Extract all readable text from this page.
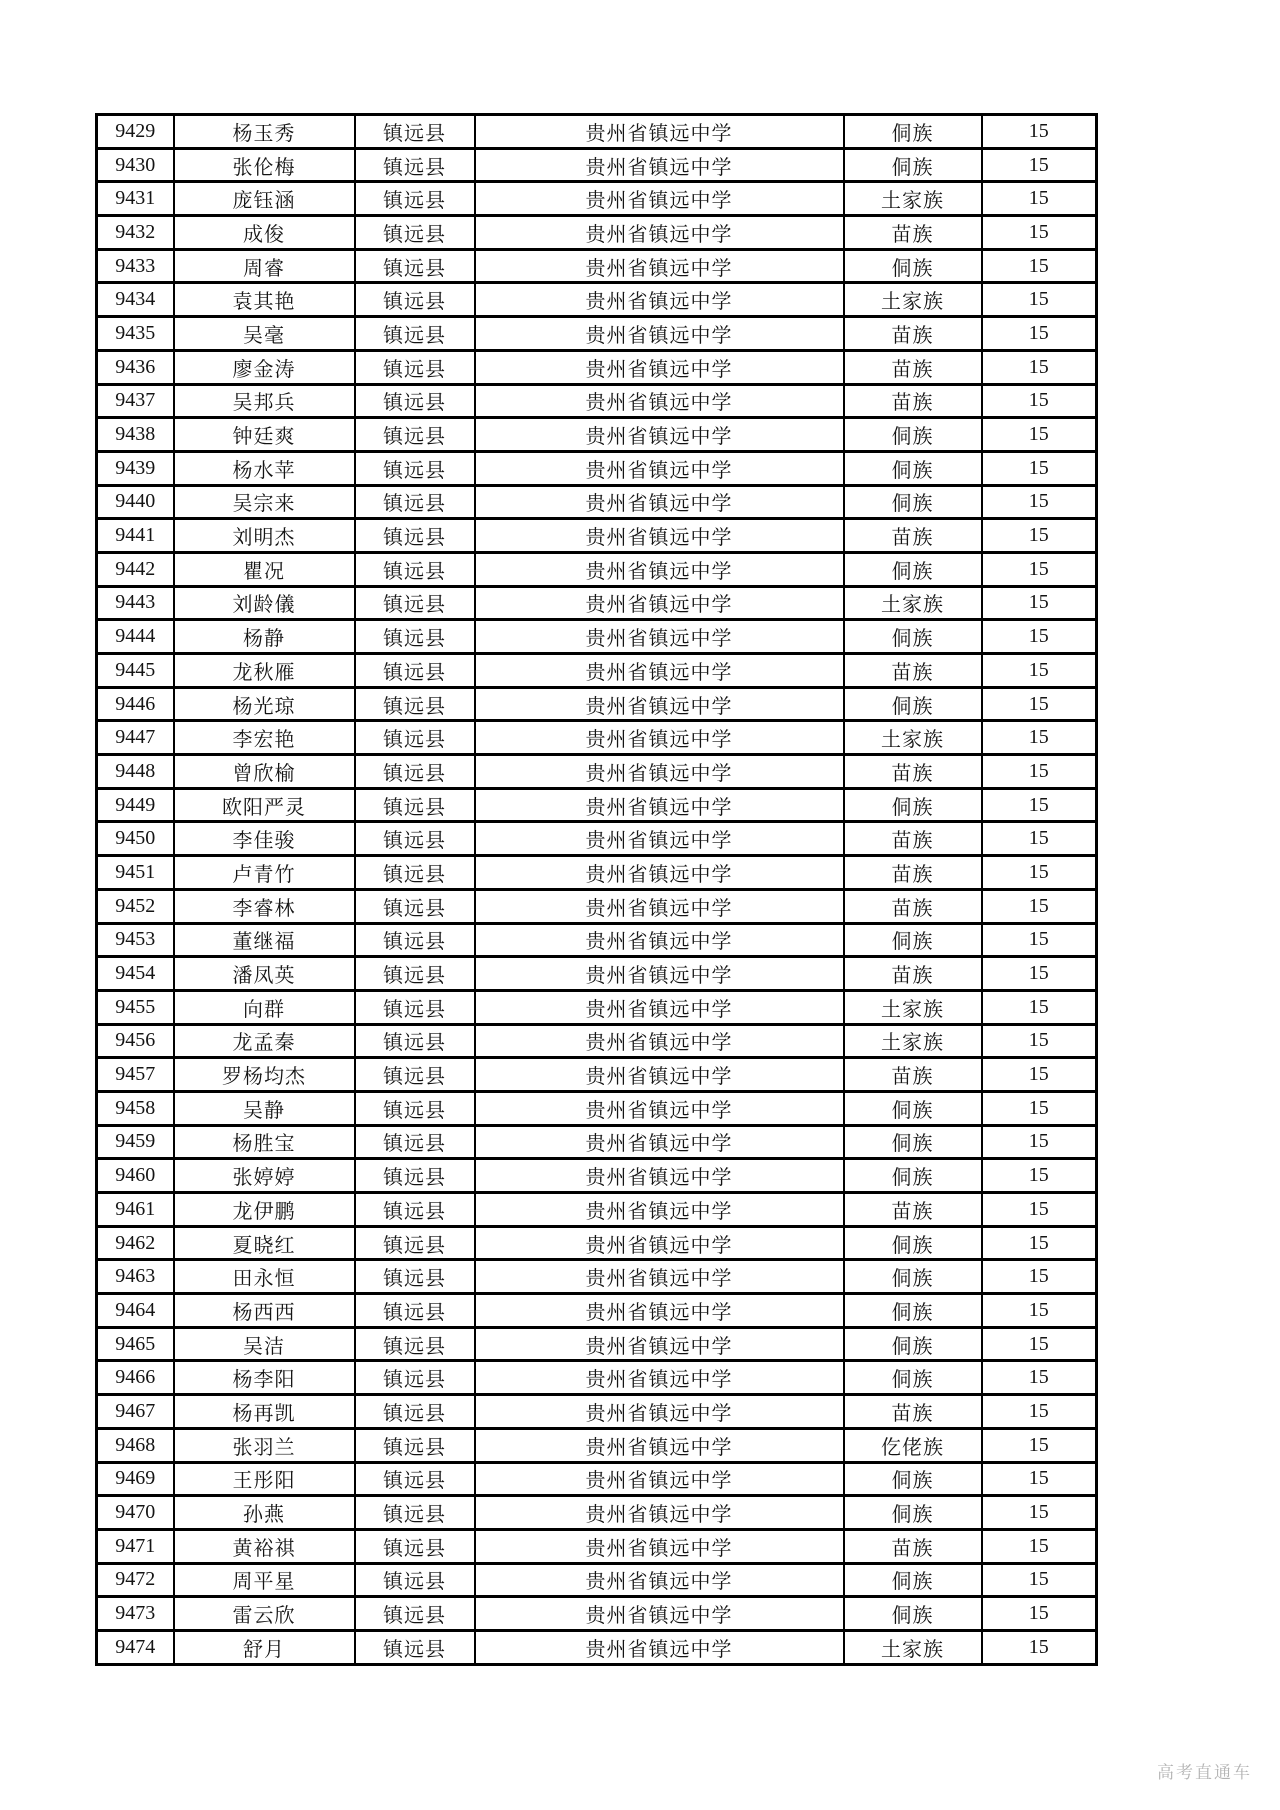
9429	杨玉秀	镇远县	贵州省镇远中学	侗族	15
9430	张伦梅	镇远县	贵州省镇远中学	侗族	15
9431	庞钰涵	镇远县	贵州省镇远中学	土家族	15
9432	成俊	镇远县	贵州省镇远中学	苗族	15
9433	周睿	镇远县	贵州省镇远中学	侗族	15
9434	袁其艳	镇远县	贵州省镇远中学	土家族	15
9435	吴毫	镇远县	贵州省镇远中学	苗族	15
9436	廖金涛	镇远县	贵州省镇远中学	苗族	15
9437	吴邦兵	镇远县	贵州省镇远中学	苗族	15
9438	钟廷爽	镇远县	贵州省镇远中学	侗族	15
9439	杨水苹	镇远县	贵州省镇远中学	侗族	15
9440	吴宗来	镇远县	贵州省镇远中学	侗族	15
9441	刘明杰	镇远县	贵州省镇远中学	苗族	15
9442	瞿况	镇远县	贵州省镇远中学	侗族	15
9443	刘龄儀	镇远县	贵州省镇远中学	土家族	15
9444	杨静	镇远县	贵州省镇远中学	侗族	15
9445	龙秋雁	镇远县	贵州省镇远中学	苗族	15
9446	杨光琼	镇远县	贵州省镇远中学	侗族	15
9447	李宏艳	镇远县	贵州省镇远中学	土家族	15
9448	曾欣榆	镇远县	贵州省镇远中学	苗族	15
9449	欧阳严灵	镇远县	贵州省镇远中学	侗族	15
9450	李佳骏	镇远县	贵州省镇远中学	苗族	15
9451	卢青竹	镇远县	贵州省镇远中学	苗族	15
9452	李睿林	镇远县	贵州省镇远中学	苗族	15
9453	董继福	镇远县	贵州省镇远中学	侗族	15
9454	潘凤英	镇远县	贵州省镇远中学	苗族	15
9455	向群	镇远县	贵州省镇远中学	土家族	15
9456	龙孟秦	镇远县	贵州省镇远中学	土家族	15
9457	罗杨均杰	镇远县	贵州省镇远中学	苗族	15
9458	吴静	镇远县	贵州省镇远中学	侗族	15
9459	杨胜宝	镇远县	贵州省镇远中学	侗族	15
9460	张婷婷	镇远县	贵州省镇远中学	侗族	15
9461	龙伊鹏	镇远县	贵州省镇远中学	苗族	15
9462	夏晓红	镇远县	贵州省镇远中学	侗族	15
9463	田永恒	镇远县	贵州省镇远中学	侗族	15
9464	杨西西	镇远县	贵州省镇远中学	侗族	15
9465	吴洁	镇远县	贵州省镇远中学	侗族	15
9466	杨李阳	镇远县	贵州省镇远中学	侗族	15
9467	杨再凯	镇远县	贵州省镇远中学	苗族	15
9468	张羽兰	镇远县	贵州省镇远中学	仡佬族	15
9469	王彤阳	镇远县	贵州省镇远中学	侗族	15
9470	孙燕	镇远县	贵州省镇远中学	侗族	15
9471	黄裕祺	镇远县	贵州省镇远中学	苗族	15
9472	周平星	镇远县	贵州省镇远中学	侗族	15
9473	雷云欣	镇远县	贵州省镇远中学	侗族	15
9474	舒月	镇远县	贵州省镇远中学	土家族	15
高考直通车
